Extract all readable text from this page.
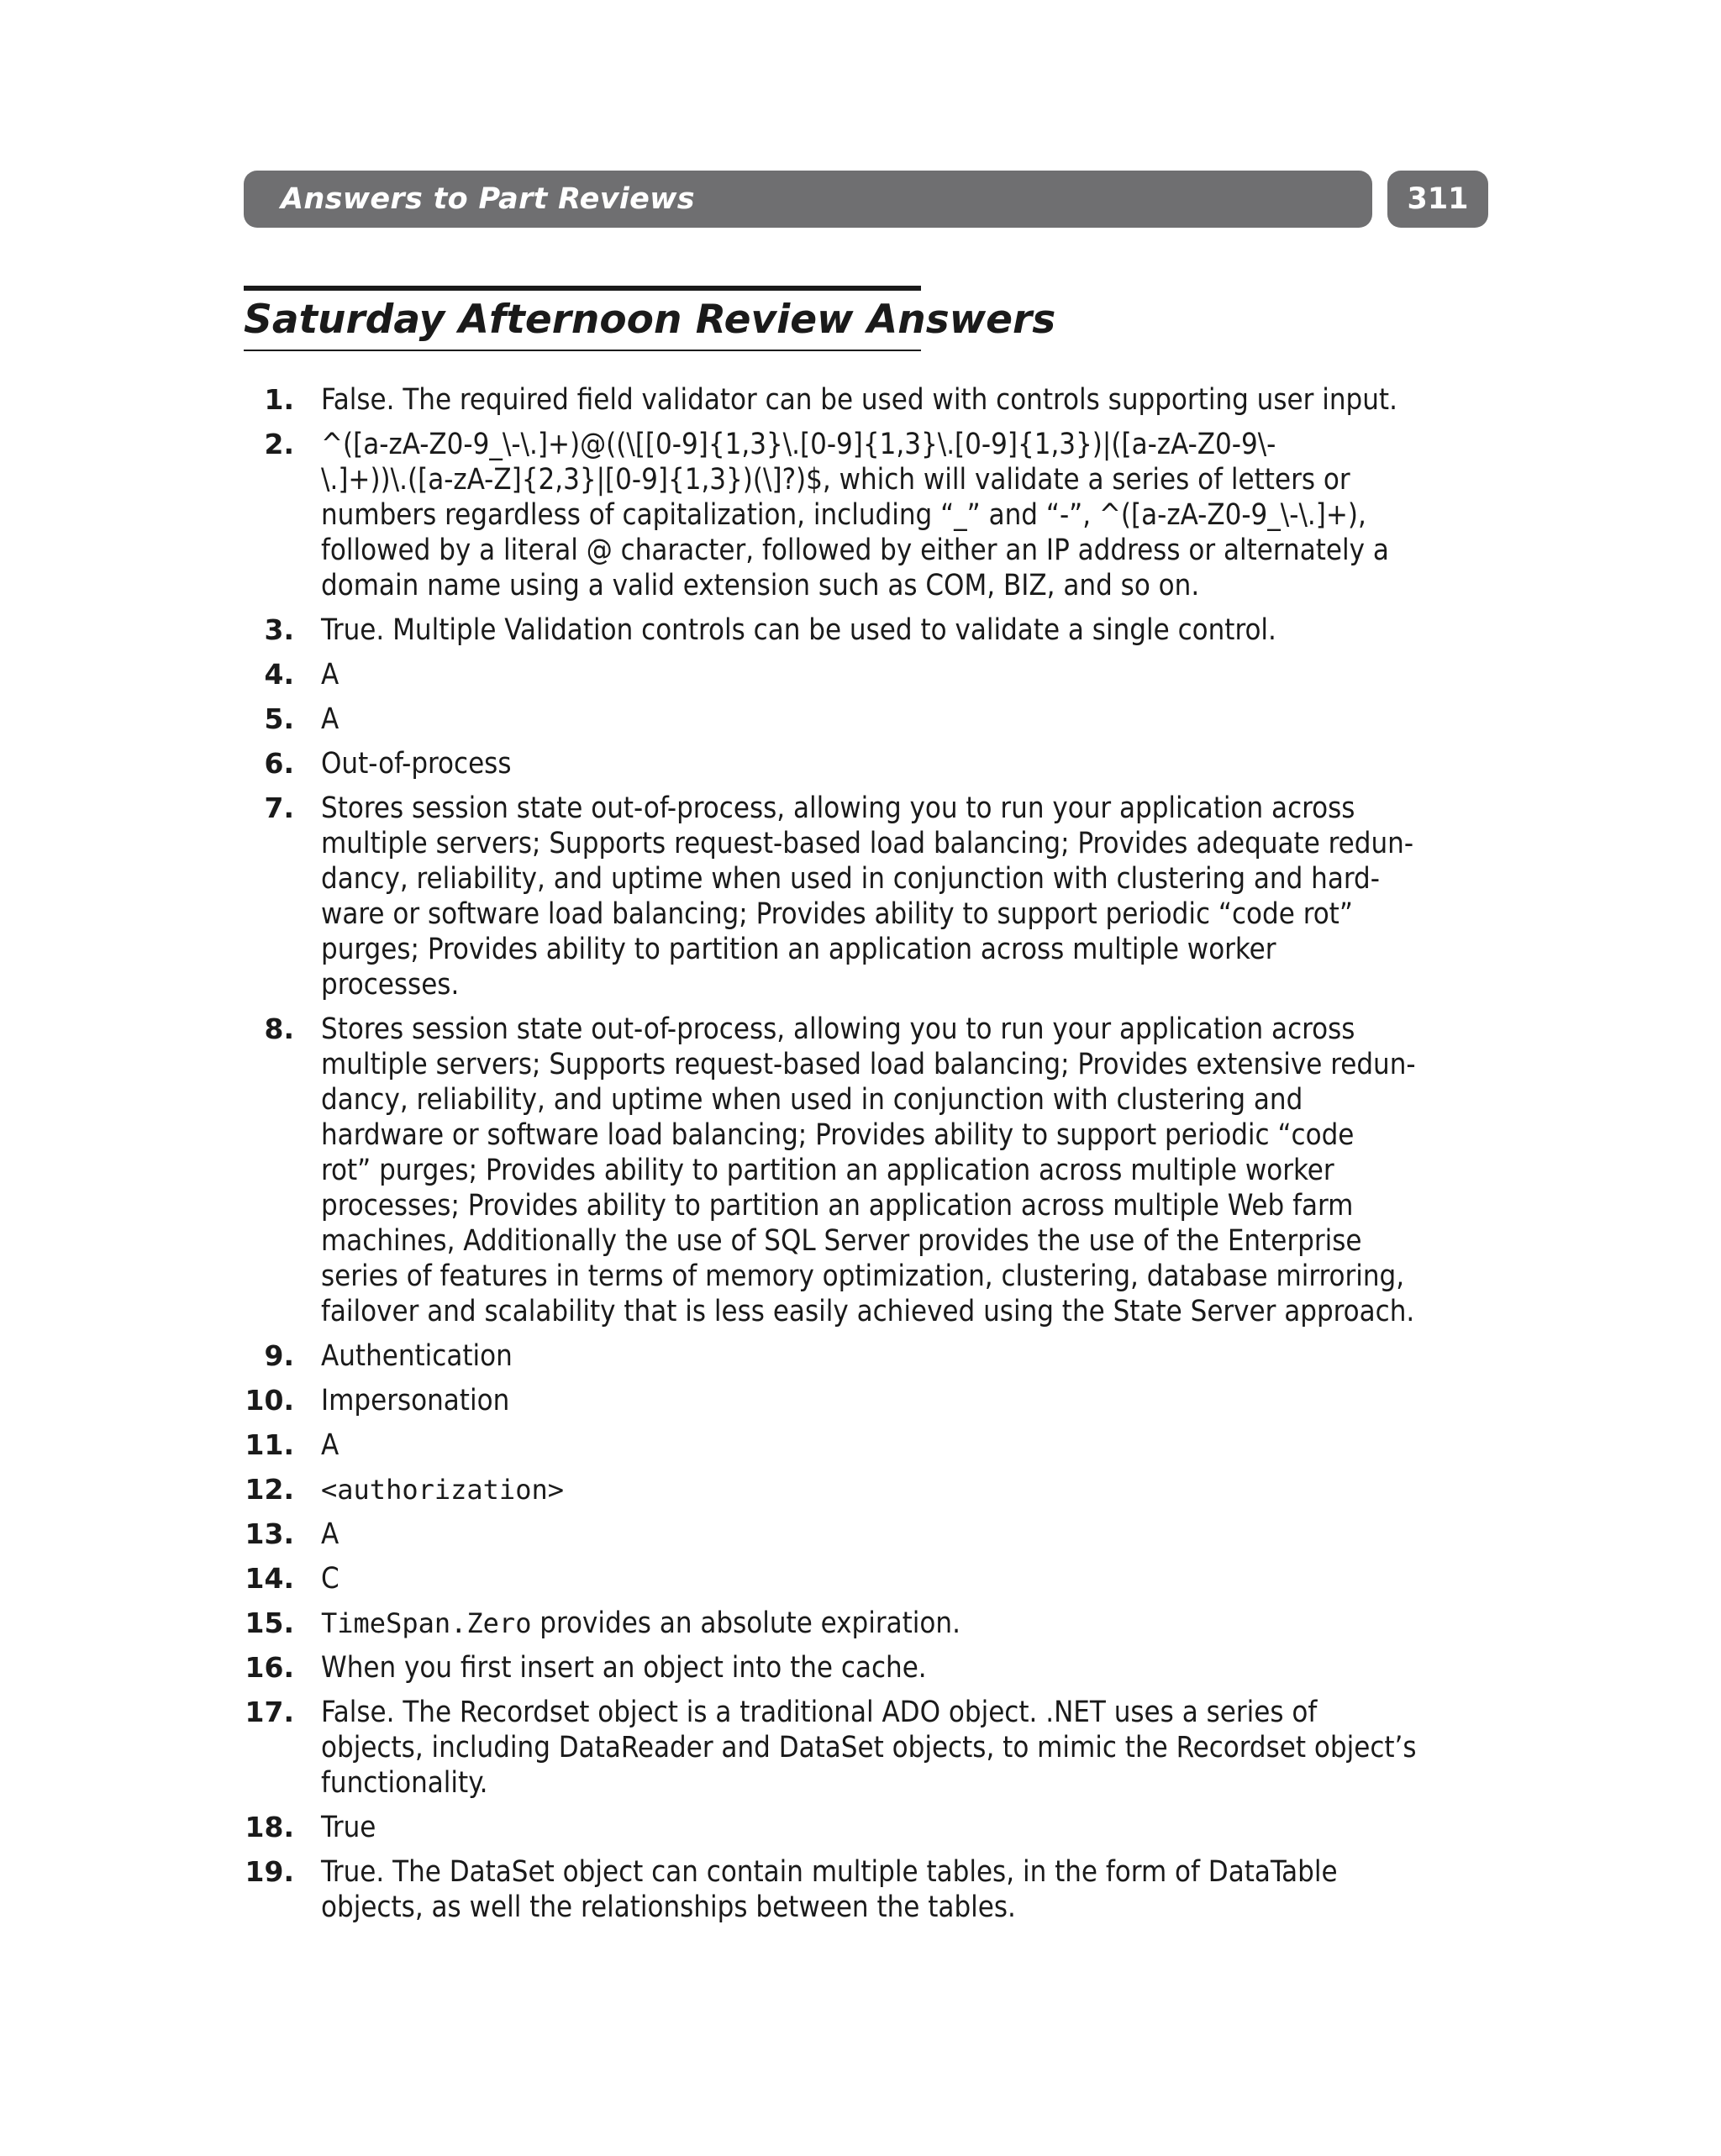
Answers to Part Reviews	311
Saturday Afternoon Review Answers
1. False. The required field validator can be used with controls supporting user input.
2. ^([a-zA-Z0-9_\-\.]+)@((\[[0-9]{1,3}\.[0-9]{1,3}\.[0-9]{1,3})|([a-zA-Z0-9\-
\.]+))\.([a-zA-Z]{2,3}|[0-9]{1,3})(\]?)$, which will validate a series of letters or
numbers regardless of capitalization, including “_” and “-”, ^([a-zA-Z0-9_\-\.]+),
followed by a literal @ character, followed by either an IP address or alternately a
domain name using a valid extension such as COM, BIZ, and so on.
3. True. Multiple Validation controls can be used to validate a single control.
4. A
5. A
6. Out-of-process
7. Stores session state out-of-process, allowing you to run your application across
multiple servers; Supports request-based load balancing; Provides adequate redun-
dancy, reliability, and uptime when used in conjunction with clustering and hard-
ware or software load balancing; Provides ability to support periodic “code rot”
purges; Provides ability to partition an application across multiple worker
processes.
8. Stores session state out-of-process, allowing you to run your application across
multiple servers; Supports request-based load balancing; Provides extensive redun-
dancy, reliability, and uptime when used in conjunction with clustering and
hardware or software load balancing; Provides ability to support periodic “code
rot” purges; Provides ability to partition an application across multiple worker
processes; Provides ability to partition an application across multiple Web farm
machines, Additionally the use of SQL Server provides the use of the Enterprise
series of features in terms of memory optimization, clustering, database mirroring,
failover and scalability that is less easily achieved using the State Server approach.
9. Authentication
10. Impersonation
11. A
12. <authorization>
13. A
14. C
15. TimeSpan.Zero provides an absolute expiration.
16. When you first insert an object into the cache.
17. False. The Recordset object is a traditional ADO object. .NET uses a series of
objects, including DataReader and DataSet objects, to mimic the Recordset object’s
functionality.
18. True
19. True. The DataSet object can contain multiple tables, in the form of DataTable
objects, as well the relationships between the tables.
